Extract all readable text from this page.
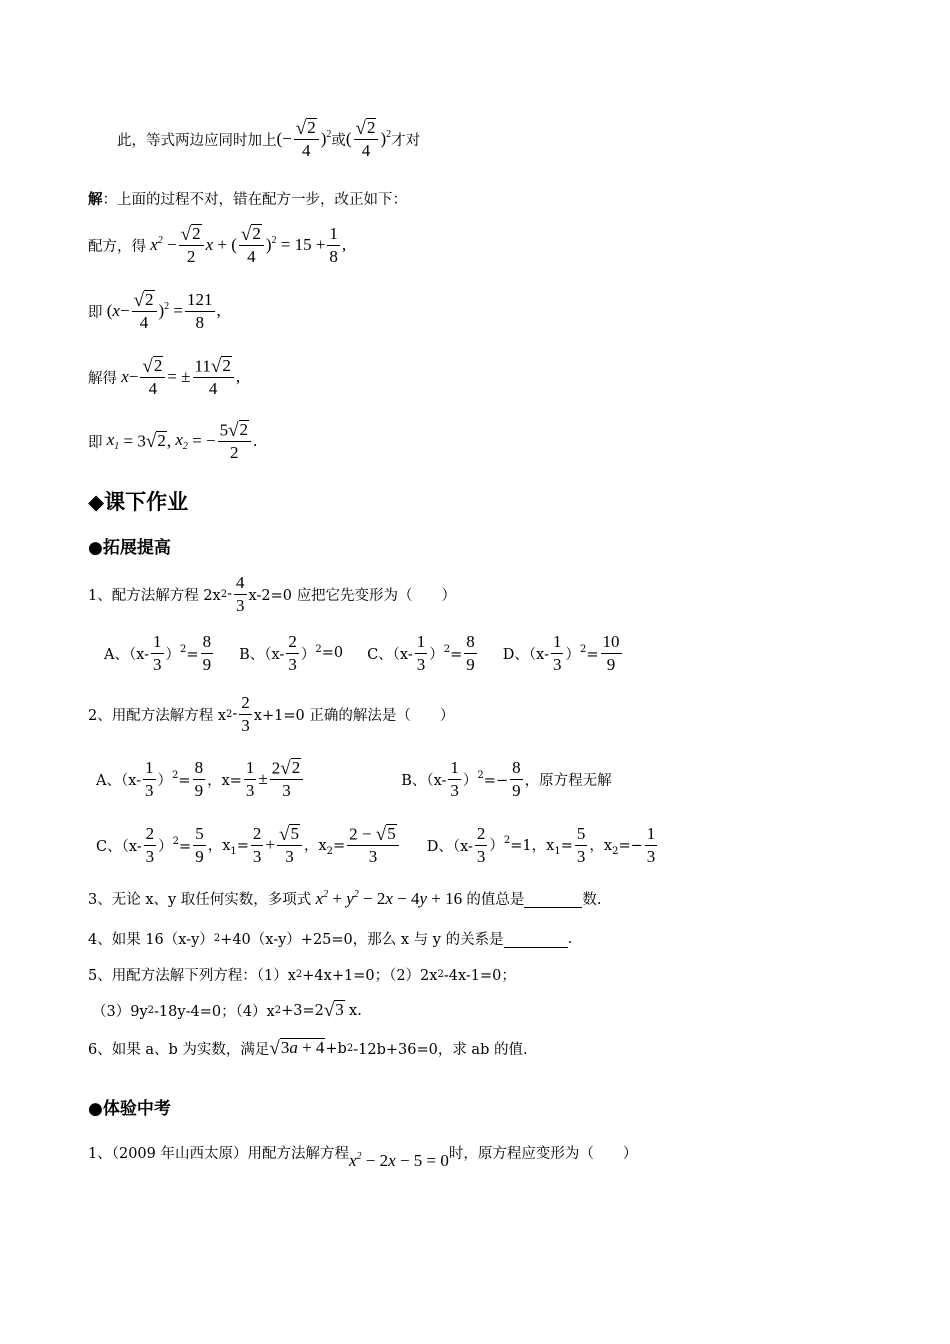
此，等式两边应同时加上 (− $\frac{√ 2}{4} )^2$ 或 ( $\frac{√ 2}{4} )^2$ 才对
解 ：上面的过程不对，错在配方一步，改正如下：
配方，得 $x^2 - \frac{√ 2}{2}$ x + ( $\frac{√ 2}{4} )^2 = 15 + \frac{1}{8}$ ,
即 ( $x - \frac{√ 2}{4} )^2 = \frac{121}{8}$ ,
解得 $x - \frac{√ 2}{4}$ = ± $\frac{11 √ 2}{4}$ ,
即 $x_1 = 3$ √ 2 , $x_2$ = − $\frac{5 √ 2}{2}$ .
◆课下作业
●拓展提高
1、配方法解方程 2x $2 - \frac{4}{3} x-2=0$ 应把它先变形为（　　）
A、$(x- \frac{1}{3} )^2= \frac{8}{9}$ B、$(x- \frac{2}{3} )^2 =0$ C、$(x- \frac{1}{3} )^2= \frac{8}{9}$ D、$(x- \frac{1}{3} )^2= \frac{10}{9}$
2、用配方法解方程 x $2 - \frac{2}{3} x+1=0$ 正确的解法是（　　）
A、$(x- \frac{1}{3} )^2= \frac{8}{9}$ ，$x= \frac{1}{3} \pm \frac{2 √ 2}{3}$	B、$(x- \frac{1}{3} )^2=- \frac{8}{9}$ ，原方程无解
C、$(x- \frac{2}{3} )^2= \frac{5}{9}$ ，$x_1= \frac{2}{3} + \frac{√ 5}{3}$ ，$x_2= \frac{2 - √ 5}{3}$ D、$(x- \frac{2}{3} )^2=1$，$x_1= \frac{5}{3}$ ，$x_2=- \frac{1}{3}$
3、无论 x、y 取任何实数，多项式 $x^2 + y^2 - 2$ x − 4 y + 16 的值总是
	数.
4、如果 16（x-y） 2 +40（x-y）+25=0，那么 x 与 y 的关系是
	.
5、用配方法解下列方程：（1）x 2 +4x+1=0；（2）2x 2 -4x-1=0；
（3）9y 2 -18y-4=0；（4）x 2 +3=2 √ 3
x.
6、如果 a、b 为实数，满足 √ 3a + 4 +b 2 -12b+36=0，求 ab 的值.
●体验中考
1、（2009 年山西太原）用配方法解方程 $x^2 - 2x - 5 = 0$ 时，原方程应变形为（　　）
